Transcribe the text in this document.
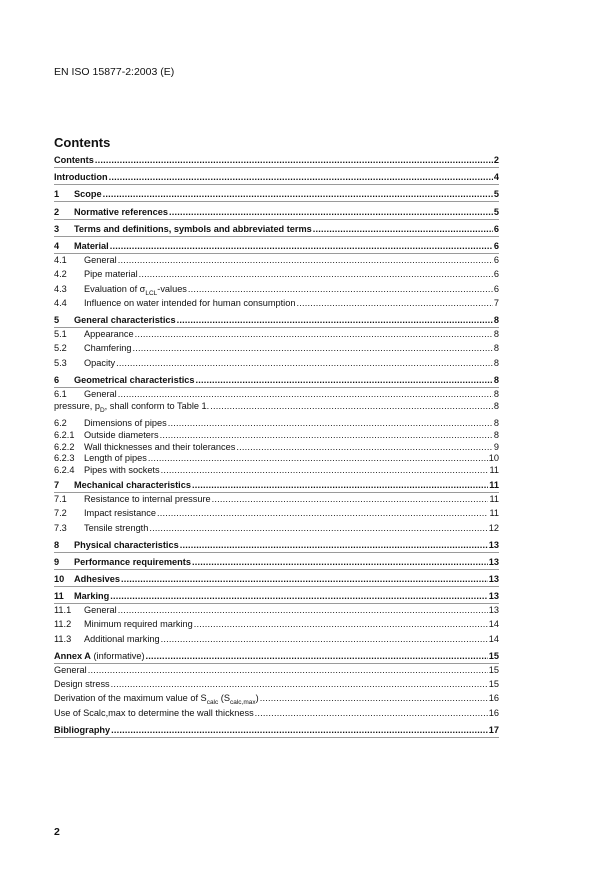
EN ISO 15877-2:2003 (E)
Contents
Contents .....	2
Introduction .....	4
1	Scope .....	5
2	Normative references .....	5
3	Terms and definitions, symbols and abbreviated terms .....	6
4	Material .....	6
4.1	General .....	6
4.2	Pipe material .....	6
4.3	Evaluation of $\sigma_{LCL}$-values .....	6
4.4	Influence on water intended for human consumption .....	7
5	General characteristics .....	8
5.1	Appearance .....	8
5.2	Chamfering .....	8
5.3	Opacity .....	8
6	Geometrical characteristics .....	8
6.1	General .....	8
pressure, $p_D$, shall conform to Table 1. .....	8
6.2	Dimensions of pipes .....	8
6.2.1	Outside diameters .....	8
6.2.2	Wall thicknesses and their tolerances .....	9
6.2.3	Length of pipes .....	10
6.2.4	Pipes with sockets .....	11
7	Mechanical characteristics .....	11
7.1	Resistance to internal pressure .....	11
7.2	Impact resistance .....	11
7.3	Tensile strength .....	12
8	Physical characteristics .....	13
9	Performance requirements .....	13
10	Adhesives .....	13
11	Marking .....	13
11.1	General .....	13
11.2	Minimum required marking .....	14
11.3	Additional marking .....	14
Annex A (informative) .....	15
General .....	15
Design stress .....	15
Derivation of the maximum value of $S_{calc}$ $(S_{calc,max})$ .....	16
Use of Scalc,max to determine the wall thickness .....	16
Bibliography .....	17
2
